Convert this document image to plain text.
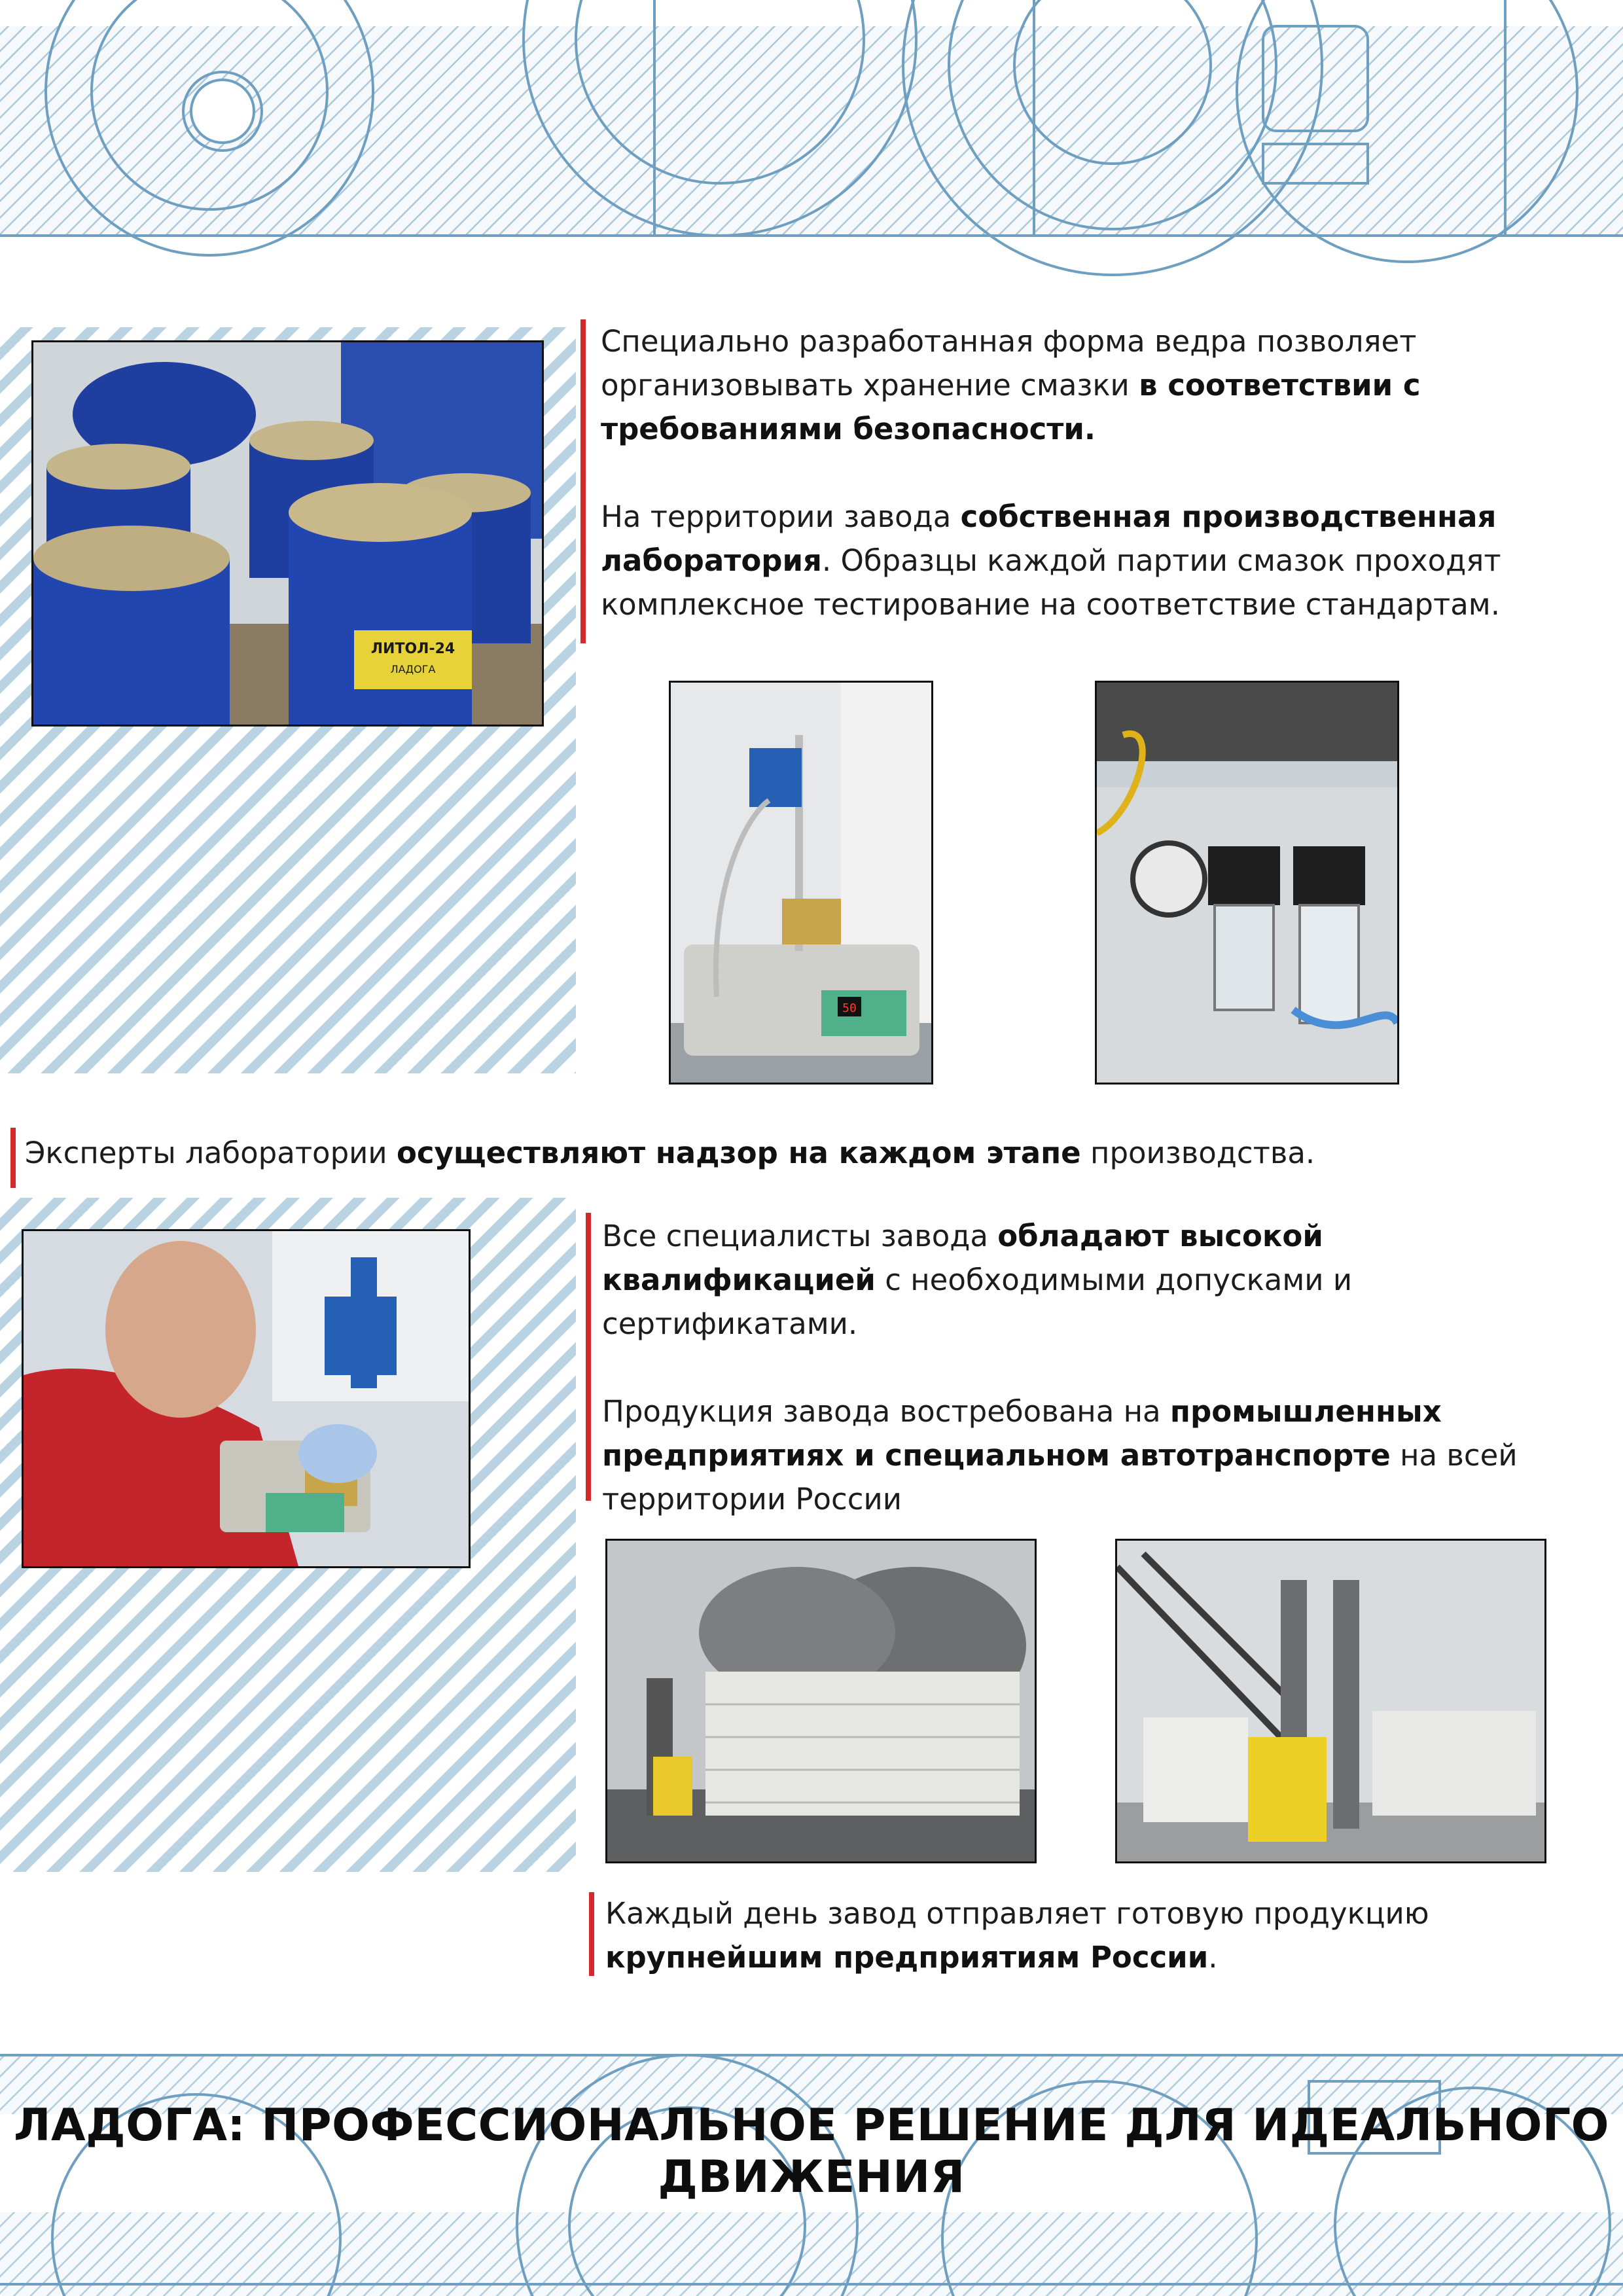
ЛИТОЛ-24
ЛАДОГА

Специально разработанная форма ведра позволяет организовывать хранение смазки в соответствии с требованиями безопасности.

На территории завода собственная производственная лаборатория. Образцы каждой партии смазок проходят комплексное тестирование на соответствие стандартам.

50

Эксперты лаборатории осуществляют надзор на каждом этапе производства.

Все специалисты завода обладают высокой квалификацией с необходимыми допусками и сертификатами.

Продукция завода востребована на промышленных предприятиях и специальном автотранспорте на всей территории России

Каждый день завод отправляет готовую продукцию крупнейшим предприятиям России.

ЛАДОГА: ПРОФЕССИОНАЛЬНОЕ РЕШЕНИЕ ДЛЯ ИДЕАЛЬНОГО ДВИЖЕНИЯ
